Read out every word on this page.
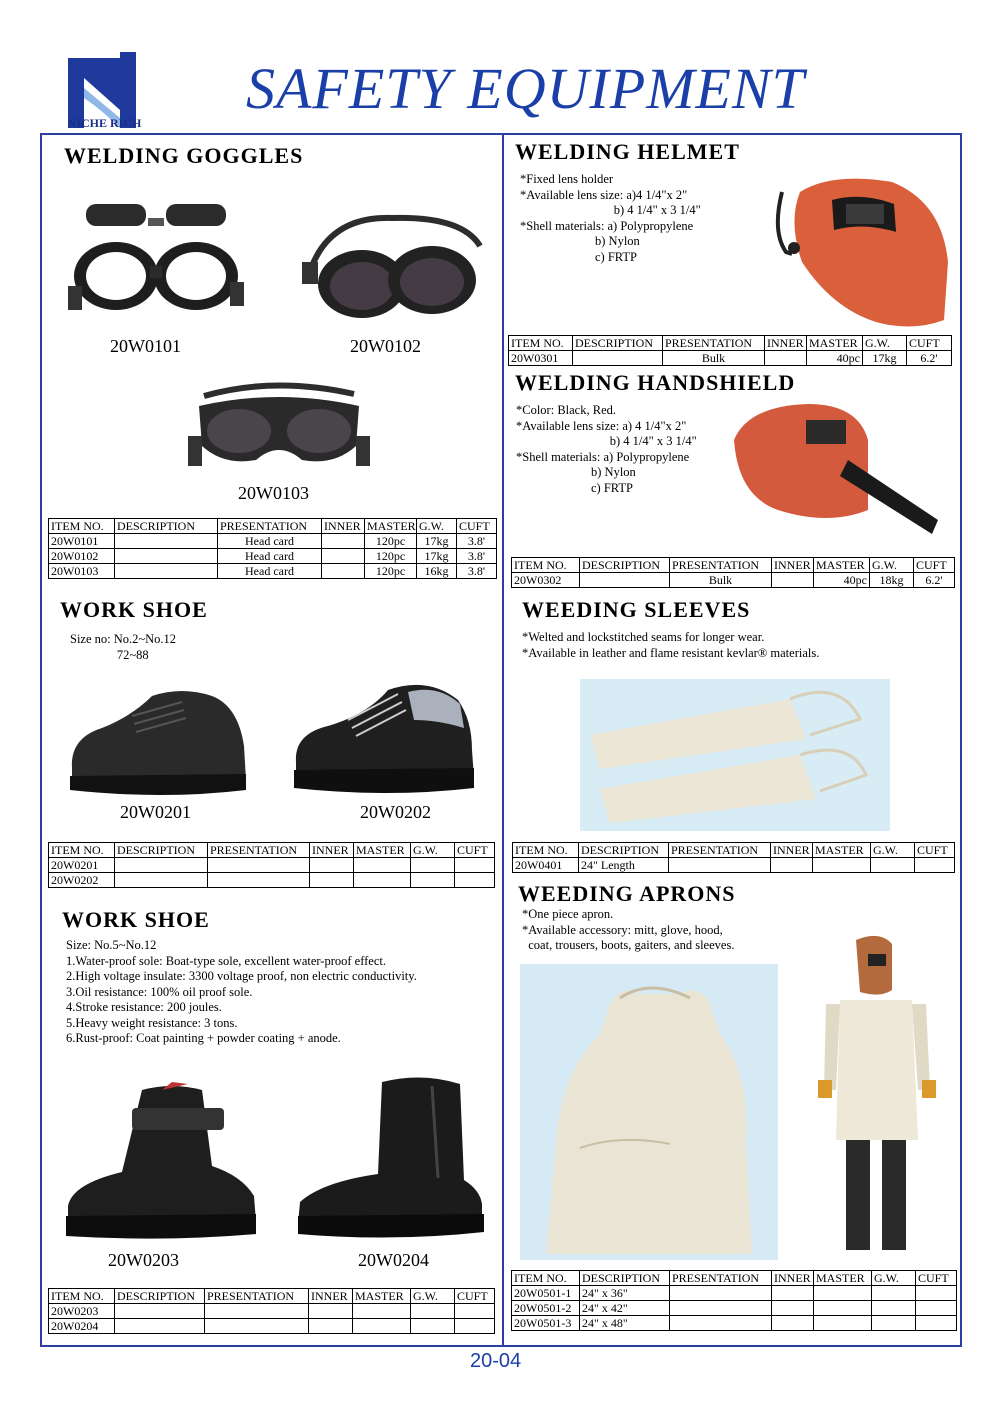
NICHE RICH
SAFETY EQUIPMENT
WELDING GOGGLES
20W0101	20W0102
20W0103
ITEM NO.	DESCRIPTION	PRESENTATION	INNER	MASTER	G.W.	CUFT
20W0101		Head card		120pc	17kg	3.8'
20W0102		Head card		120pc	17kg	3.8'
20W0103		Head card		120pc	16kg	3.8'
WORK SHOE
Size no: No.2~No.12
72~88
20W0201	20W0202
ITEM NO.	DESCRIPTION	PRESENTATION	INNER	MASTER	G.W.	CUFT
20W0201						
20W0202						
WORK SHOE
Size: No.5~No.12
1.Water-proof sole: Boat-type sole, excellent water-proof effect.
2.High voltage insulate: 3300 voltage proof, non electric conductivity.
3.Oil resistance: 100% oil proof sole.
4.Stroke resistance: 200 joules.
5.Heavy weight resistance: 3 tons.
6.Rust-proof: Coat painting + powder coating + anode.
20W0203	20W0204
ITEM NO.	DESCRIPTION	PRESENTATION	INNER	MASTER	G.W.	CUFT
20W0203						
20W0204						
WELDING HELMET
*Fixed lens holder
*Available lens size: a)4 1/4"x 2"
b) 4 1/4" x 3 1/4"
*Shell materials: a) Polypropylene
b) Nylon
c) FRTP
ITEM NO.	DESCRIPTION	PRESENTATION	INNER	MASTER	G.W.	CUFT
20W0301		Bulk		40pc	17kg	6.2'
WELDING HANDSHIELD
*Color: Black, Red.
*Available lens size: a) 4 1/4"x 2"
b) 4 1/4" x 3 1/4"
*Shell materials: a) Polypropylene
b) Nylon
c) FRTP
ITEM NO.	DESCRIPTION	PRESENTATION	INNER	MASTER	G.W.	CUFT
20W0302		Bulk		40pc	18kg	6.2'
WEEDING SLEEVES
*Welted and lockstitched seams for longer wear.
*Available in leather and flame resistant kevlar® materials.
ITEM NO.	DESCRIPTION	PRESENTATION	INNER	MASTER	G.W.	CUFT
20W0401	24" Length					
WEEDING APRONS
*One piece apron.
*Available accessory: mitt, glove, hood,
coat, trousers, boots, gaiters, and sleeves.
ITEM NO.	DESCRIPTION	PRESENTATION	INNER	MASTER	G.W.	CUFT
20W0501-1	24" x 36"					
20W0501-2	24" x 42"					
20W0501-3	24" x 48"					
20-04
